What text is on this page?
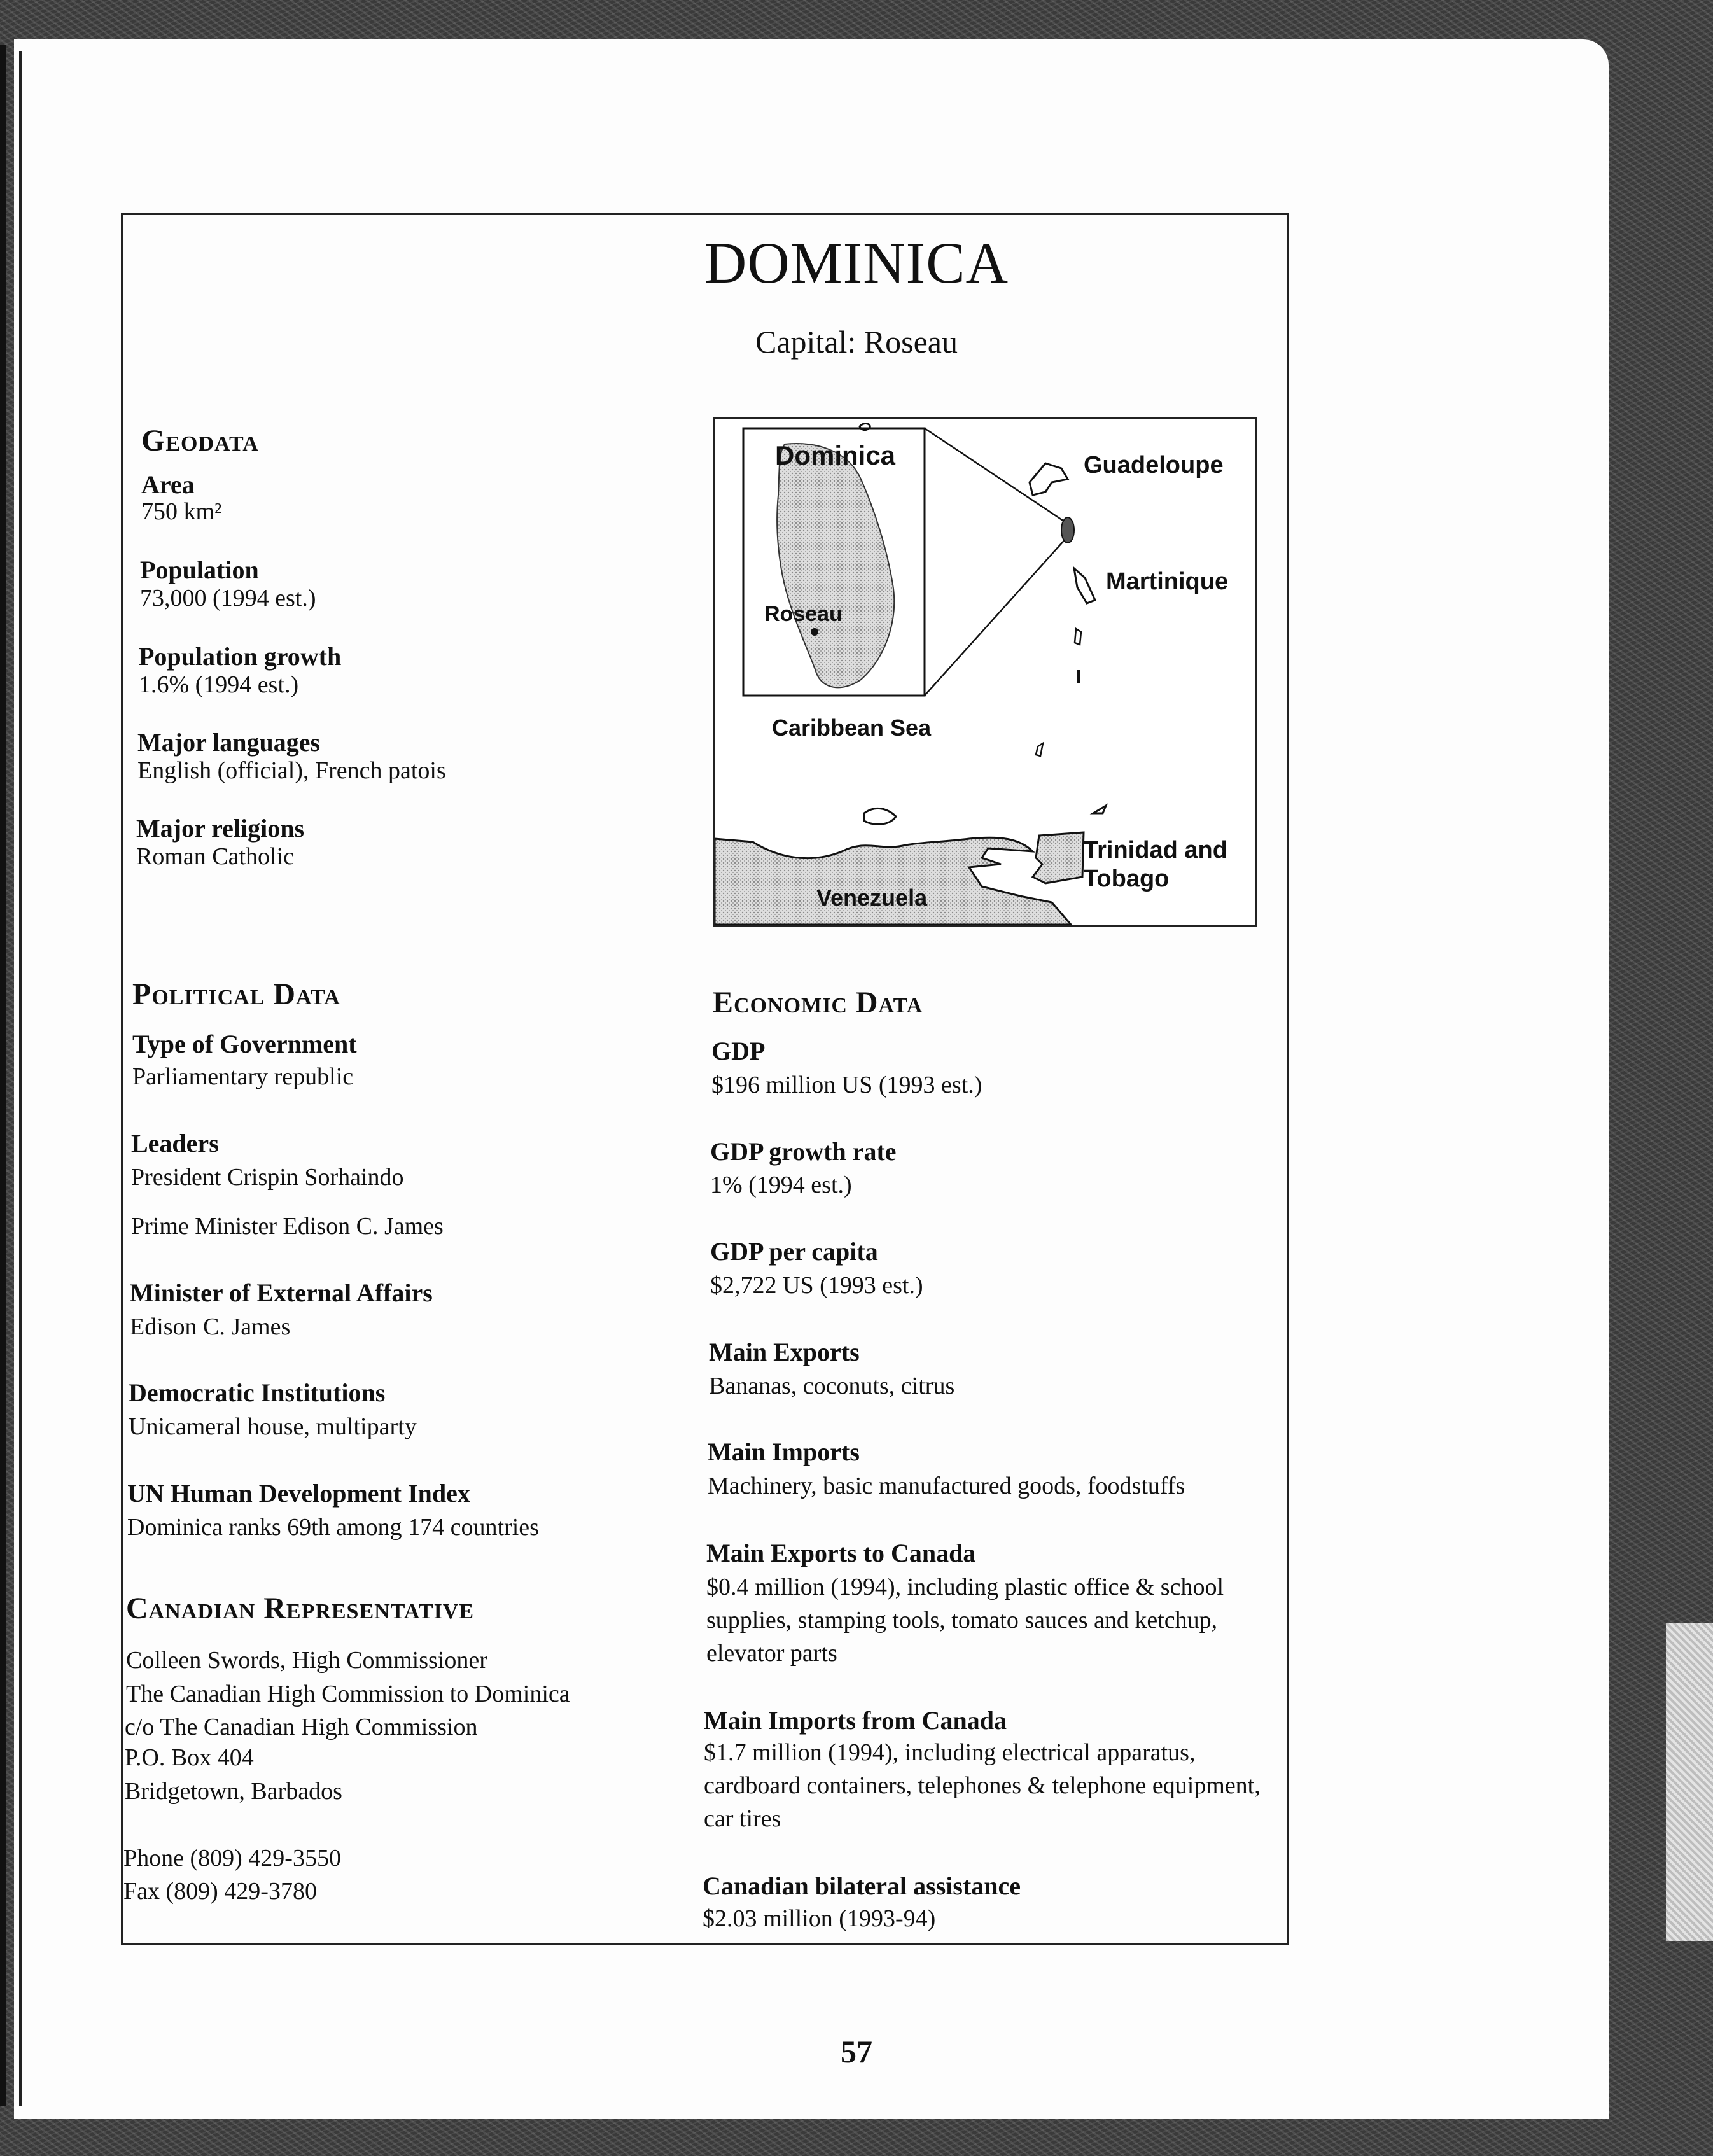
DOMINICA
Capital: Roseau
Geodata
Area
750 km²
Population
73,000 (1994 est.)
Population growth
1.6% (1994 est.)
Major languages
English (official), French patois
Major religions
Roman Catholic
Dominica
Roseau
Caribbean Sea
Guadeloupe
Martinique
Trinidad and
Tobago
Venezuela
Political Data
Type of Government
Parliamentary republic
Leaders
President Crispin Sorhaindo
Prime Minister Edison C. James
Minister of External Affairs
Edison C. James
Democratic Institutions
Unicameral house, multiparty
UN Human Development Index
Dominica ranks 69th among 174 countries
Canadian Representative
Colleen Swords, High Commissioner
The Canadian High Commission to Dominica
c/o The Canadian High Commission
P.O. Box 404
Bridgetown, Barbados
Phone (809) 429-3550
Fax (809) 429-3780
Economic Data
GDP
$196 million US (1993 est.)
GDP growth rate
1% (1994 est.)
GDP per capita
$2,722 US (1993 est.)
Main Exports
Bananas, coconuts, citrus
Main Imports
Machinery, basic manufactured goods, foodstuffs
Main Exports to Canada
$0.4 million (1994), including plastic office & school supplies, stamping tools, tomato sauces and ketchup, elevator parts
Main Imports from Canada
$1.7 million (1994), including electrical apparatus, cardboard containers, telephones & telephone equipment, car tires
Canadian bilateral assistance
$2.03 million (1993-94)
57
